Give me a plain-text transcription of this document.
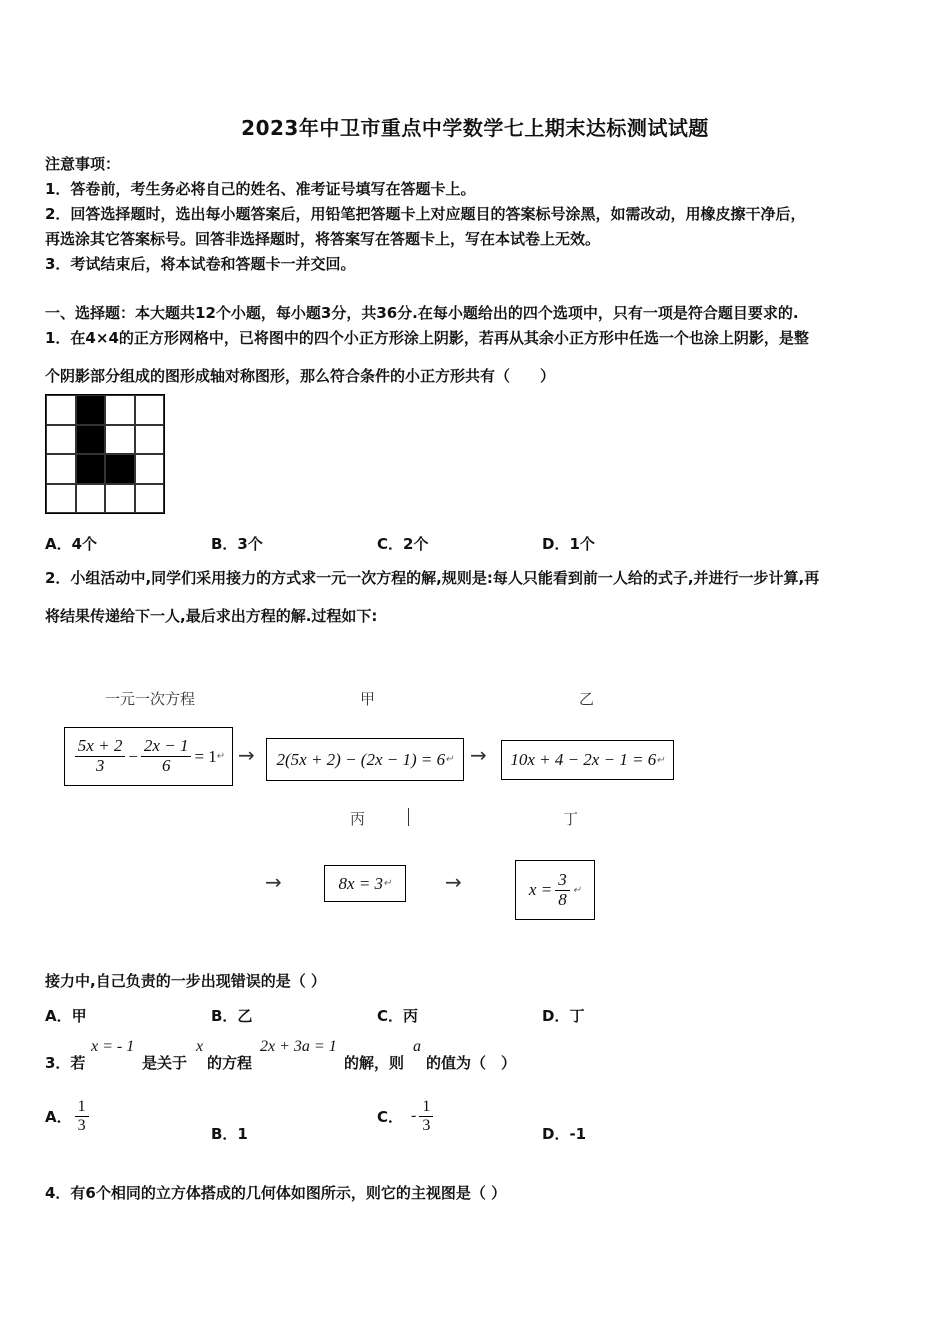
2023年中卫市重点中学数学七上期末达标测试试题
注意事项：
1．答卷前，考生务必将自己的姓名、准考证号填写在答题卡上。
2．回答选择题时，选出每小题答案后，用铅笔把答题卡上对应题目的答案标号涂黑，如需改动，用橡皮擦干净后，
再选涂其它答案标号。回答非选择题时，将答案写在答题卡上，写在本试卷上无效。
3．考试结束后，将本试卷和答题卡一并交回。
一、选择题：本大题共12个小题，每小题3分，共36分.在每小题给出的四个选项中，只有一项是符合题目要求的.
1．在4×4的正方形网格中，已将图中的四个小正方形涂上阴影，若再从其余小正方形中任选一个也涂上阴影，是整
个阴影部分组成的图形成轴对称图形，那么符合条件的小正方形共有（　　）
A．4个	B．3个	C．2个	D．1个
2．小组活动中,同学们采用接力的方式求一元一次方程的解,规则是:每人只能看到前一人给的式子,并进行一步计算,再
将结果传递给下一人,最后求出方程的解.过程如下:
一元一次方程	甲	乙
$\frac{5x + 2}{3} - \frac{2x - 1}{6} = 1$ ↵ → 2(5x + 2) − (2x − 1) = 6 ↵ → 10x + 4 − 2x − 1 = 6 ↵
丙	丁
→	8x = 3 ↵	→	$x = \frac{3}{8}$ ↵
接力中,自己负责的一步出现错误的是（ ）
A．甲	B．乙	C．丙	D．丁
3．若
x = - 1
是关于
x
的方程
2x + 3a = 1
的解，则
a
的值为（　）
A． $\frac{1}{3}$	B．1
C． - $\frac{1}{3}$	D．-1
4．有6个相同的立方体搭成的几何体如图所示，则它的主视图是（ ）
